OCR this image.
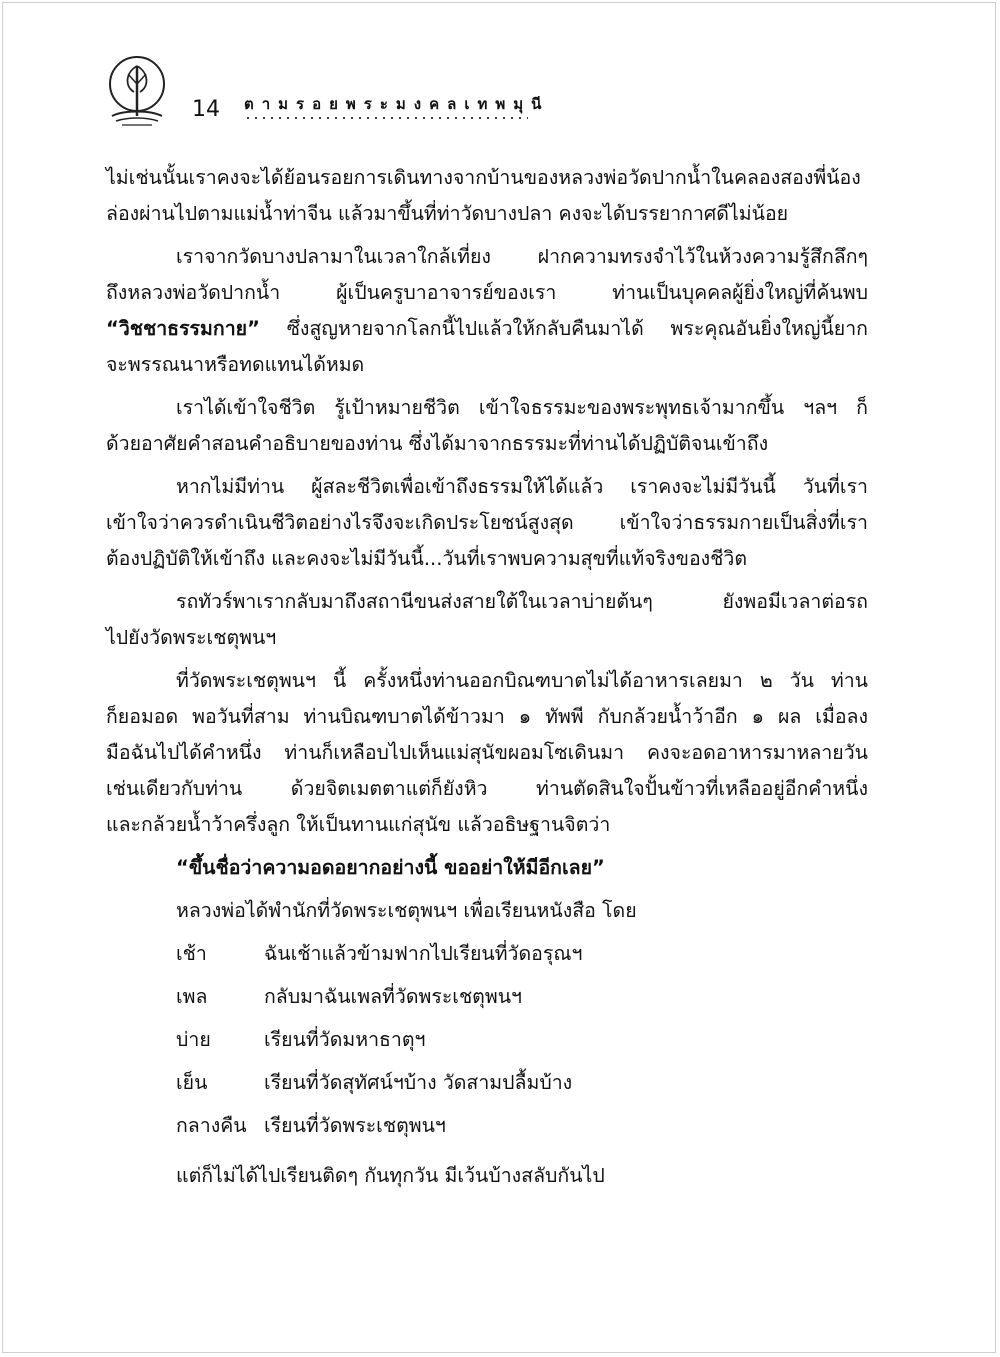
14 ตามรอยพระมงคลเทพมุนี
ไม่เช่นนั้นเราคงจะได้ย้อนรอยการเดินทางจากบ้านของหลวงพ่อวัดปากน้ำในคลองสองพี่น้อง
ล่องผ่านไปตามแม่น้ำท่าจีน แล้วมาขึ้นที่ท่าวัดบางปลา คงจะได้บรรยากาศดีไม่น้อย
เราจากวัดบางปลามาในเวลาใกล้เที่ยง ฝากความทรงจำไว้ในห้วงความรู้สึกลึกๆ
ถึงหลวงพ่อวัดปากน้ำ ผู้เป็นครูบาอาจารย์ของเรา ท่านเป็นบุคคลผู้ยิ่งใหญ่ที่ค้นพบ
“วิชชาธรรมกาย” ซึ่งสูญหายจากโลกนี้ไปแล้วให้กลับคืนมาได้ พระคุณอันยิ่งใหญ่นี้ยาก
จะพรรณนาหรือทดแทนได้หมด
เราได้เข้าใจชีวิต รู้เป้าหมายชีวิต เข้าใจธรรมะของพระพุทธเจ้ามากขึ้น ฯลฯ ก็
ด้วยอาศัยคำสอนคำอธิบายของท่าน ซึ่งได้มาจากธรรมะที่ท่านได้ปฏิบัติจนเข้าถึง
หากไม่มีท่าน ผู้สละชีวิตเพื่อเข้าถึงธรรมให้ได้แล้ว เราคงจะไม่มีวันนี้ วันที่เรา
เข้าใจว่าควรดำเนินชีวิตอย่างไรจึงจะเกิดประโยชน์สูงสุด เข้าใจว่าธรรมกายเป็นสิ่งที่เรา
ต้องปฏิบัติให้เข้าถึง และคงจะไม่มีวันนี้...วันที่เราพบความสุขที่แท้จริงของชีวิต
รถทัวร์พาเรากลับมาถึงสถานีขนส่งสายใต้ในเวลาบ่ายต้นๆ ยังพอมีเวลาต่อรถ
ไปยังวัดพระเชตุพนฯ
ที่วัดพระเชตุพนฯ นี้ ครั้งหนึ่งท่านออกบิณฑบาตไม่ได้อาหารเลยมา ๒ วัน ท่าน
ก็ยอมอด พอวันที่สาม ท่านบิณฑบาตได้ข้าวมา ๑ ทัพพี กับกล้วยน้ำว้าอีก ๑ ผล เมื่อลง
มือฉันไปได้คำหนึ่ง ท่านก็เหลือบไปเห็นแม่สุนัขผอมโซเดินมา คงจะอดอาหารมาหลายวัน
เช่นเดียวกับท่าน ด้วยจิตเมตตาแต่ก็ยังหิว ท่านตัดสินใจปั้นข้าวที่เหลืออยู่อีกคำหนึ่ง
และกล้วยน้ำว้าครึ่งลูก ให้เป็นทานแก่สุนัข แล้วอธิษฐานจิตว่า
“ขึ้นชื่อว่าความอดอยากอย่างนี้ ขออย่าให้มีอีกเลย”
หลวงพ่อได้พำนักที่วัดพระเชตุพนฯ เพื่อเรียนหนังสือ โดย
เช้า	ฉันเช้าแล้วข้ามฟากไปเรียนที่วัดอรุณฯ
เพล	กลับมาฉันเพลที่วัดพระเชตุพนฯ
บ่าย	เรียนที่วัดมหาธาตุฯ
เย็น	เรียนที่วัดสุทัศน์ฯบ้าง วัดสามปลื้มบ้าง
กลางคืน เรียนที่วัดพระเชตุพนฯ
แต่ก็ไม่ได้ไปเรียนติดๆ กันทุกวัน มีเว้นบ้างสลับกันไป
